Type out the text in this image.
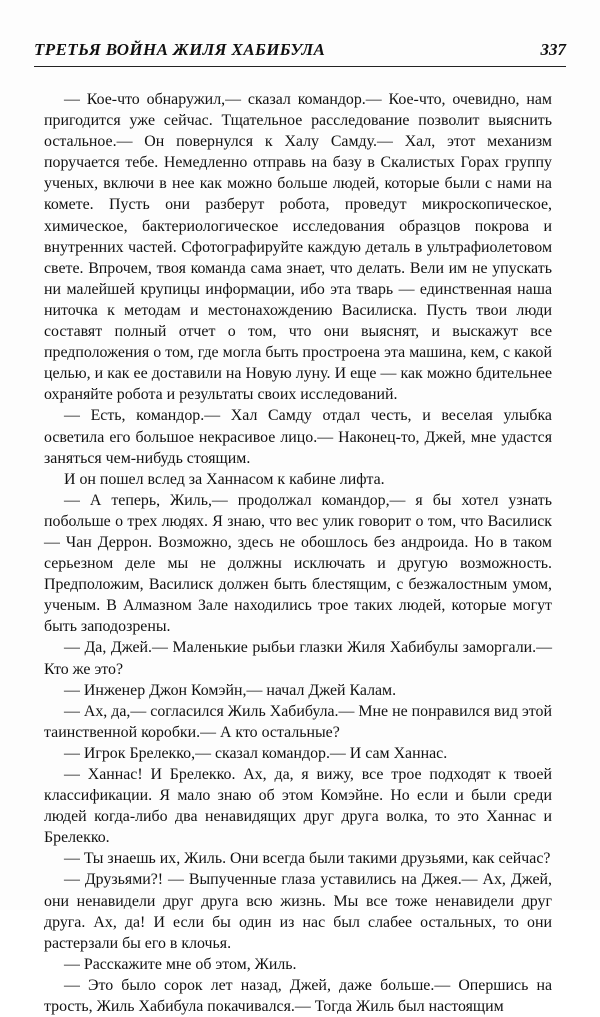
ТРЕТЬЯ ВОЙНА ЖИЛЯ ХАБИБУЛА	337

— Кое-что обнаружил,— сказал командор.— Кое-что, очевидно, нам пригодится уже сейчас. Тщательное расследование позволит выяснить остальное.— Он повернулся к Халу Самду.— Хал, этот механизм поручается тебе. Немедленно отправь на базу в Скалистых Горах группу ученых, включи в нее как можно больше людей, которые были с нами на комете. Пусть они разберут робота, проведут микроскопическое, химическое, бактериологическое исследования образцов покрова и внутренних частей. Сфотографируйте каждую деталь в ультрафиолетовом свете. Впрочем, твоя команда сама знает, что делать. Вели им не упускать ни малейшей крупицы информации, ибо эта тварь — единственная наша ниточка к методам и местонахождению Василиска. Пусть твои люди составят полный отчет о том, что они выяснят, и выскажут все предположения о том, где могла быть простроена эта машина, кем, с какой целью, и как ее доставили на Новую луну. И еще — как можно бдительнее охраняйте робота и результаты своих исследований.

— Есть, командор.— Хал Самду отдал честь, и веселая улыбка осветила его большое некрасивое лицо.— Наконец-то, Джей, мне удастся заняться чем-нибудь стоящим.

И он пошел вслед за Ханнасом к кабине лифта.

— А теперь, Жиль,— продолжал командор,— я бы хотел узнать побольше о трех людях. Я знаю, что вес улик говорит о том, что Василиск — Чан Деррон. Возможно, здесь не обошлось без андроида. Но в таком серьезном деле мы не должны исключать и другую возможность. Предположим, Василиск должен быть блестящим, с безжалостным умом, ученым. В Алмазном Зале находились трое таких людей, которые могут быть заподозрены.

— Да, Джей.— Маленькие рыбьи глазки Жиля Хабибулы заморгали.— Кто же это?

— Инженер Джон Комэйн,— начал Джей Калам.

— Ах, да,— согласился Жиль Хабибула.— Мне не понравился вид этой таинственной коробки.— А кто остальные?

— Игрок Брелекко,— сказал командор.— И сам Ханнас.

— Ханнас! И Брелекко. Ах, да, я вижу, все трое подходят к твоей классификации. Я мало знаю об этом Комэйне. Но если и были среди людей когда-либо два ненавидящих друг друга волка, то это Ханнас и Брелекко.

— Ты знаешь их, Жиль. Они всегда были такими друзьями, как сейчас?

— Друзьями?! — Выпученные глаза уставились на Джея.— Ах, Джей, они ненавидели друг друга всю жизнь. Мы все тоже ненавидели друг друга. Ах, да! И если бы один из нас был слабее остальных, то они растерзали бы его в клочья.

— Расскажите мне об этом, Жиль.

— Это было сорок лет назад, Джей, даже больше.— Опершись на трость, Жиль Хабибула покачивался.— Тогда Жиль был настоящим
